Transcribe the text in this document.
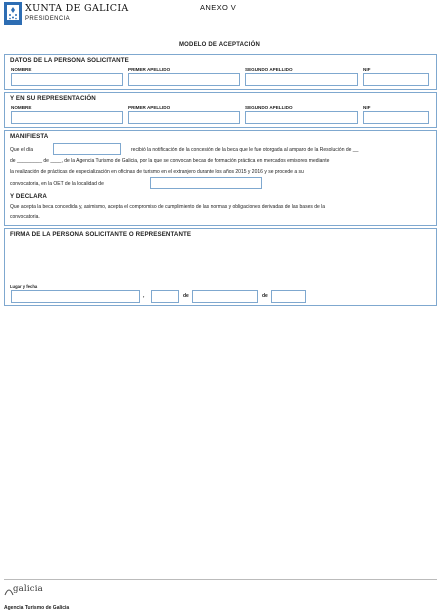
XUNTA DE GALICIA
PRESIDENCIA
ANEXO V
MODELO DE ACEPTACIÓN
DATOS DE LA PERSONA SOLICITANTE
NOMBRE	PRIMER APELLIDO	SEGUNDO APELLIDO	NIF
Y EN SU REPRESENTACIÓN
NOMBRE	PRIMER APELLIDO	SEGUNDO APELLIDO	NIF
MANIFIESTA
Que el día	recibió la notificación de la concesión de la beca que le fue otorgada al amparo de la Resolución de __
de _________ de ____, de la Agencia Turismo de Galicia, por la que se convocan becas de formación práctica en mercados emisores mediante
la realización de prácticas de especialización en oficinas de turismo en el extranjero durante los años 2015 y 2016 y se procede a su
convocatoria, en la OET de la localidad de
Y DECLARA
Que acepta la beca concedida y, asimismo, acepta el compromiso de cumplimiento de las normas y obligaciones derivadas de las bases de la
convocatoria.
FIRMA DE LA PERSONA SOLICITANTE O REPRESENTANTE
Lugar y fecha
,	de	de
galicia
Agencia Turismo de Galicia
